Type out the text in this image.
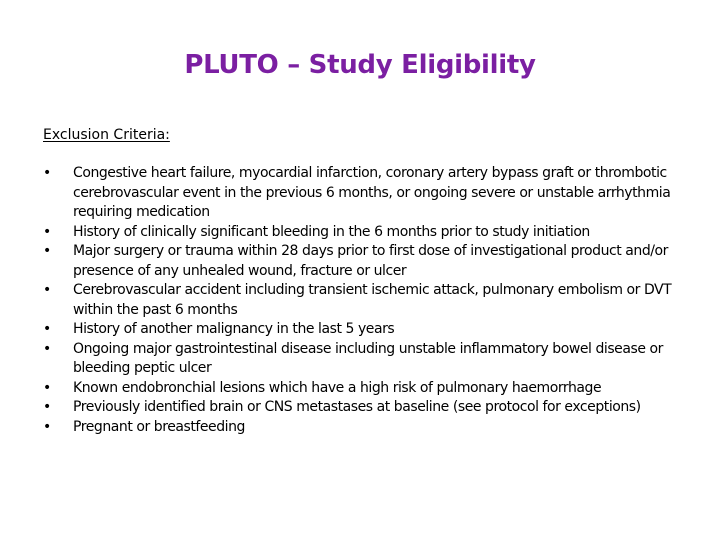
PLUTO – Study Eligibility
Exclusion Criteria:
•	Congestive heart failure, myocardial infarction, coronary artery bypass graft or thrombotic cerebrovascular event in the previous 6 months, or ongoing severe or unstable arrhythmia requiring medication
•	History of clinically significant bleeding in the 6 months prior to study initiation
•	Major surgery or trauma within 28 days prior to first dose of investigational product and/or presence of any unhealed wound, fracture or ulcer
•	Cerebrovascular accident including transient ischemic attack, pulmonary embolism or DVT within the past 6 months
•	History of another malignancy in the last 5 years
•	Ongoing major gastrointestinal disease including unstable inflammatory bowel disease or bleeding peptic ulcer
•	Known endobronchial lesions which have a high risk of pulmonary haemorrhage
•	Previously identified brain or CNS metastases at baseline (see protocol for exceptions)
•	Pregnant or breastfeeding
